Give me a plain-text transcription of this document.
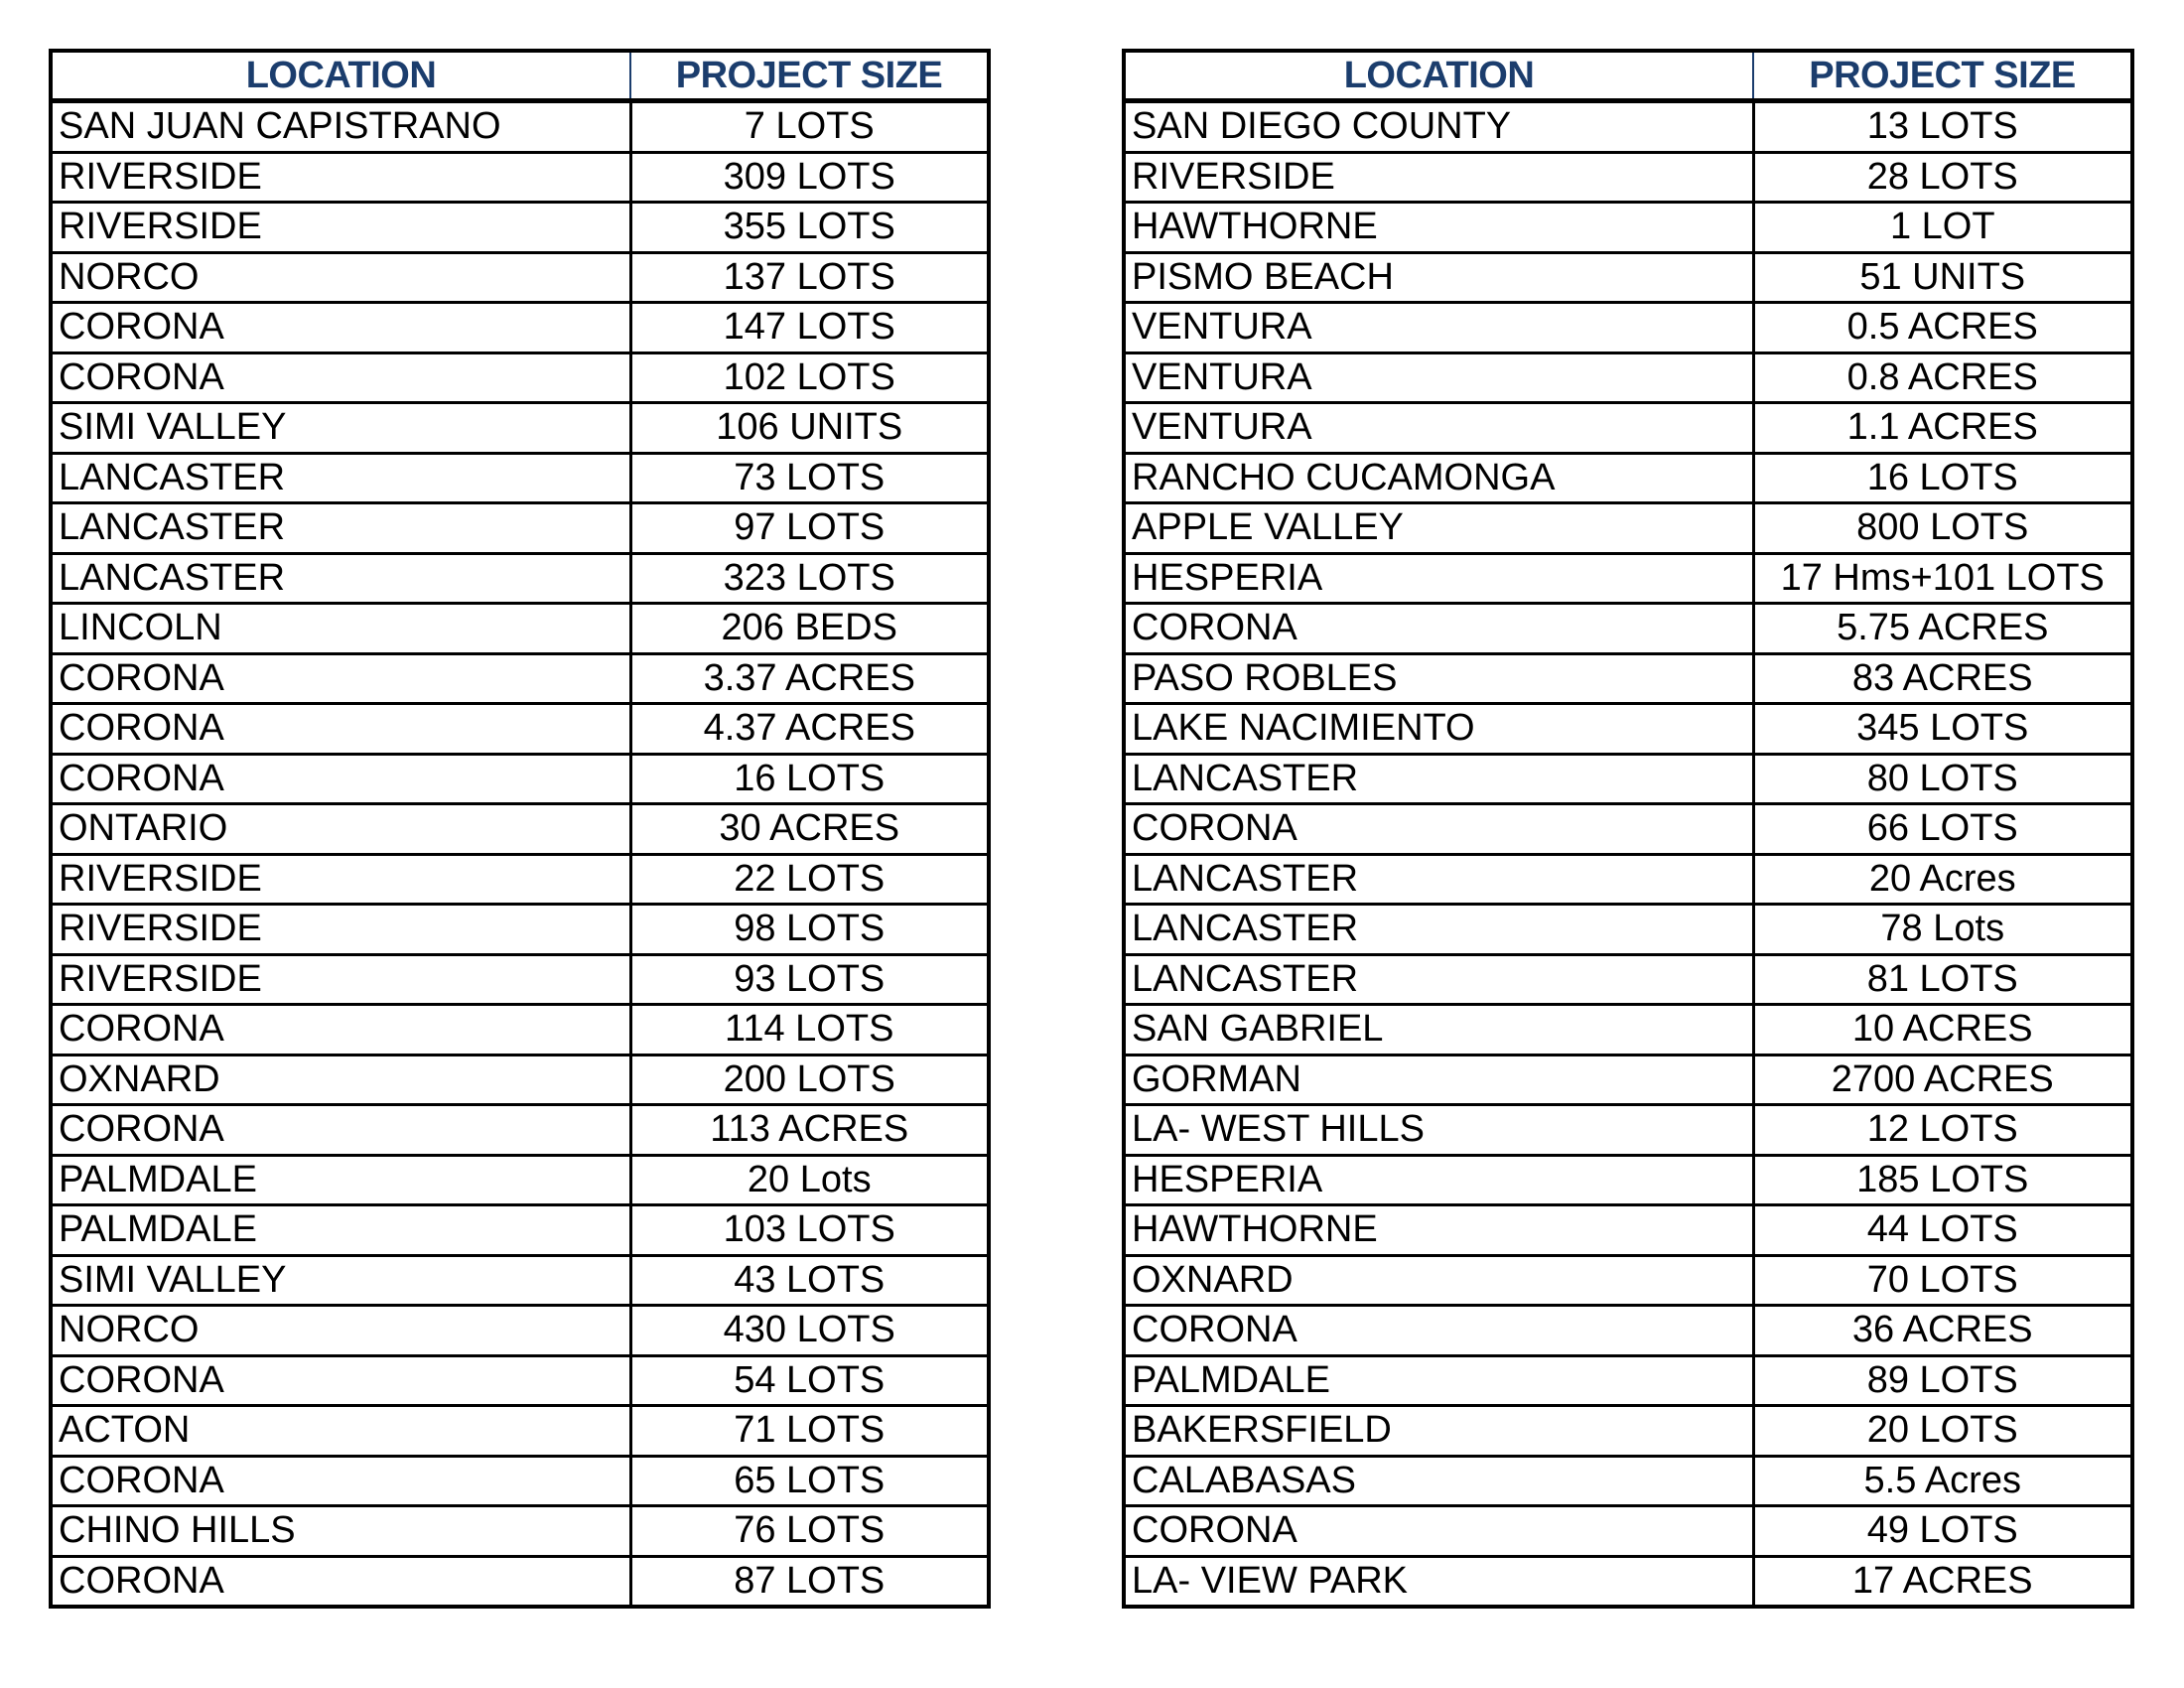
LOCATION	PROJECT SIZE
SAN JUAN CAPISTRANO	7 LOTS
RIVERSIDE	309 LOTS
RIVERSIDE	355 LOTS
NORCO	137 LOTS
CORONA	147 LOTS
CORONA	102 LOTS
SIMI VALLEY	106 UNITS
LANCASTER	73 LOTS
LANCASTER	97 LOTS
LANCASTER	323 LOTS
LINCOLN	206 BEDS
CORONA	3.37 ACRES
CORONA	4.37 ACRES
CORONA	16 LOTS
ONTARIO	30 ACRES
RIVERSIDE	22 LOTS
RIVERSIDE	98 LOTS
RIVERSIDE	93 LOTS
CORONA	114 LOTS
OXNARD	200 LOTS
CORONA	113 ACRES
PALMDALE	20 Lots
PALMDALE	103 LOTS
SIMI VALLEY	43 LOTS
NORCO	430 LOTS
CORONA	54 LOTS
ACTON	71 LOTS
CORONA	65 LOTS
CHINO HILLS	76 LOTS
CORONA	87 LOTS
LOCATION	PROJECT SIZE
SAN DIEGO COUNTY	13 LOTS
RIVERSIDE	28 LOTS
HAWTHORNE	1 LOT
PISMO BEACH	51 UNITS
VENTURA	0.5 ACRES
VENTURA	0.8 ACRES
VENTURA	1.1 ACRES
RANCHO CUCAMONGA	16 LOTS
APPLE VALLEY	800 LOTS
HESPERIA	17 Hms+101 LOTS
CORONA	5.75 ACRES
PASO ROBLES	83 ACRES
LAKE NACIMIENTO	345 LOTS
LANCASTER	80 LOTS
CORONA	66 LOTS
LANCASTER	20 Acres
LANCASTER	78 Lots
LANCASTER	81 LOTS
SAN GABRIEL	10 ACRES
GORMAN	2700 ACRES
LA- WEST HILLS	12 LOTS
HESPERIA	185 LOTS
HAWTHORNE	44 LOTS
OXNARD	70 LOTS
CORONA	36 ACRES
PALMDALE	89 LOTS
BAKERSFIELD	20 LOTS
CALABASAS	5.5 Acres
CORONA	49 LOTS
LA- VIEW PARK	17 ACRES
